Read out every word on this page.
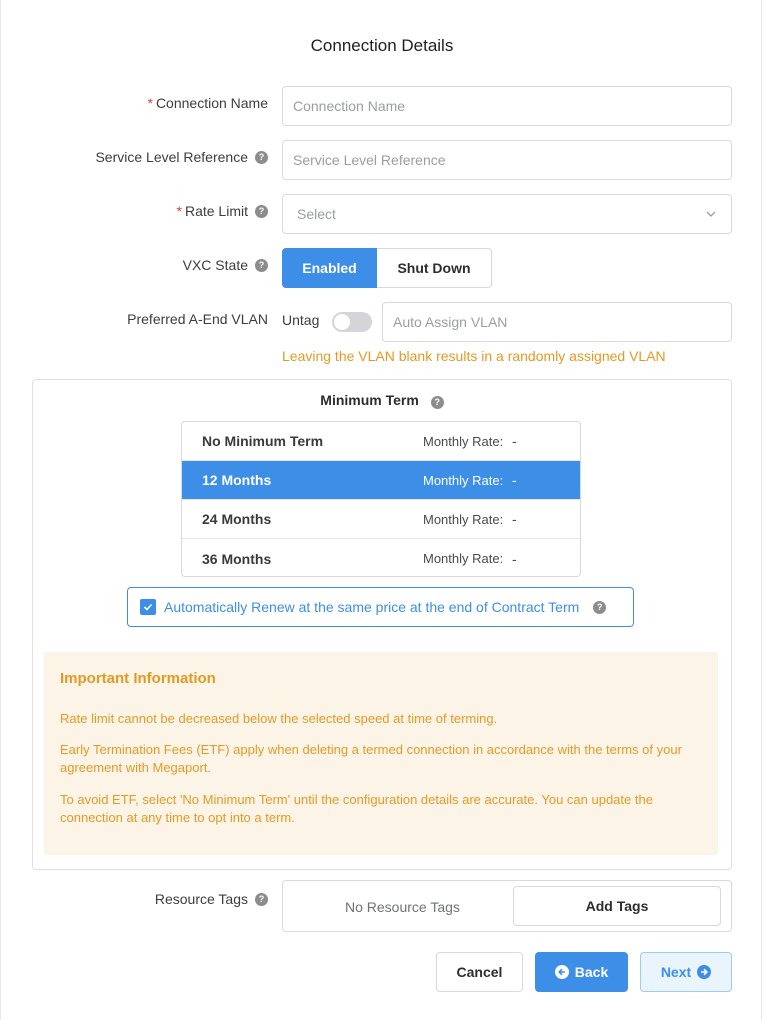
Connection Details
* Connection Name
Connection Name
Service Level Reference	?
Service Level Reference
* Rate Limit	? Select
VXC State	?	Enabled	Shut Down
Preferred A-End VLAN Untag
Auto Assign VLAN
Leaving the VLAN blank results in a randomly assigned VLAN
Minimum Term ?
No Minimum Term	Monthly Rate: -
12 Months	Monthly Rate: -
24 Months	Monthly Rate: -
36 Months	Monthly Rate: -
Automatically Renew at the same price at the end of Contract Term	?
Important Information

Rate limit cannot be decreased below the selected speed at time of terming.

Early Termination Fees (ETF) apply when deleting a termed connection in accordance with the terms of your agreement with Megaport.

To avoid ETF, select 'No Minimum Term' until the configuration details are accurate. You can update the connection at any time to opt into a term.

Resource Tags	?
No Resource Tags	Add Tags
Cancel	Back	Next
